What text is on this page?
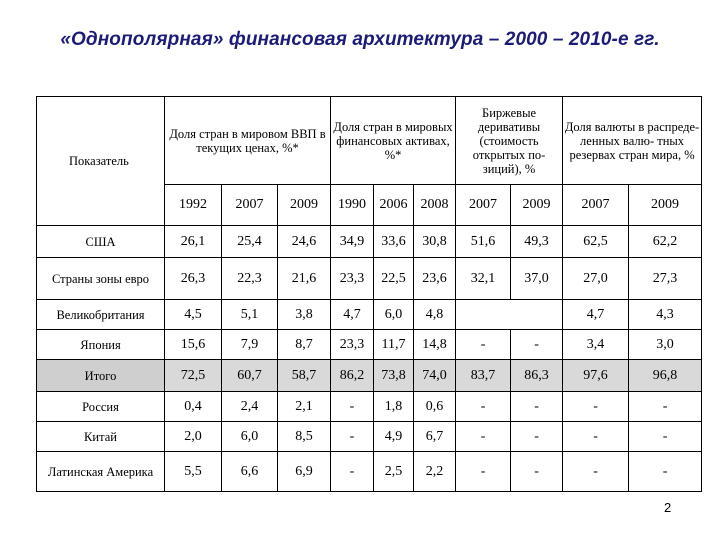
«Однополярная» финансовая архитектура – 2000 – 2010-е гг.
Показатель	Доля стран в мировом ВВП в текущих ценах, %*			Доля стран в мировых финансовых активах, %*			Биржевые деривативы (стоимость открытых по- зиций), %		Доля валюты в распреде- ленных валю- тных резервах стран мира, %	
	1992	2007	2009	1990	2006	2008	2007	2009	2007	2009
США	26,1	25,4	24,6	34,9	33,6	30,8	51,6	49,3	62,5	62,2
Страны зоны евро	26,3	22,3	21,6	23,3	22,5	23,6	32,1	37,0	27,0	27,3
Великобритания	4,5	5,1	3,8	4,7	6,0	4,8			4,7	4,3
Япония	15,6	7,9	8,7	23,3	11,7	14,8	-	-	3,4	3,0
Итого	72,5	60,7	58,7	86,2	73,8	74,0	83,7	86,3	97,6	96,8
Россия	0,4	2,4	2,1	-	1,8	0,6	-	-	-	-
Китай	2,0	6,0	8,5	-	4,9	6,7	-	-	-	-
Латинская Америка	5,5	6,6	6,9	-	2,5	2,2	-	-	-	-
2
